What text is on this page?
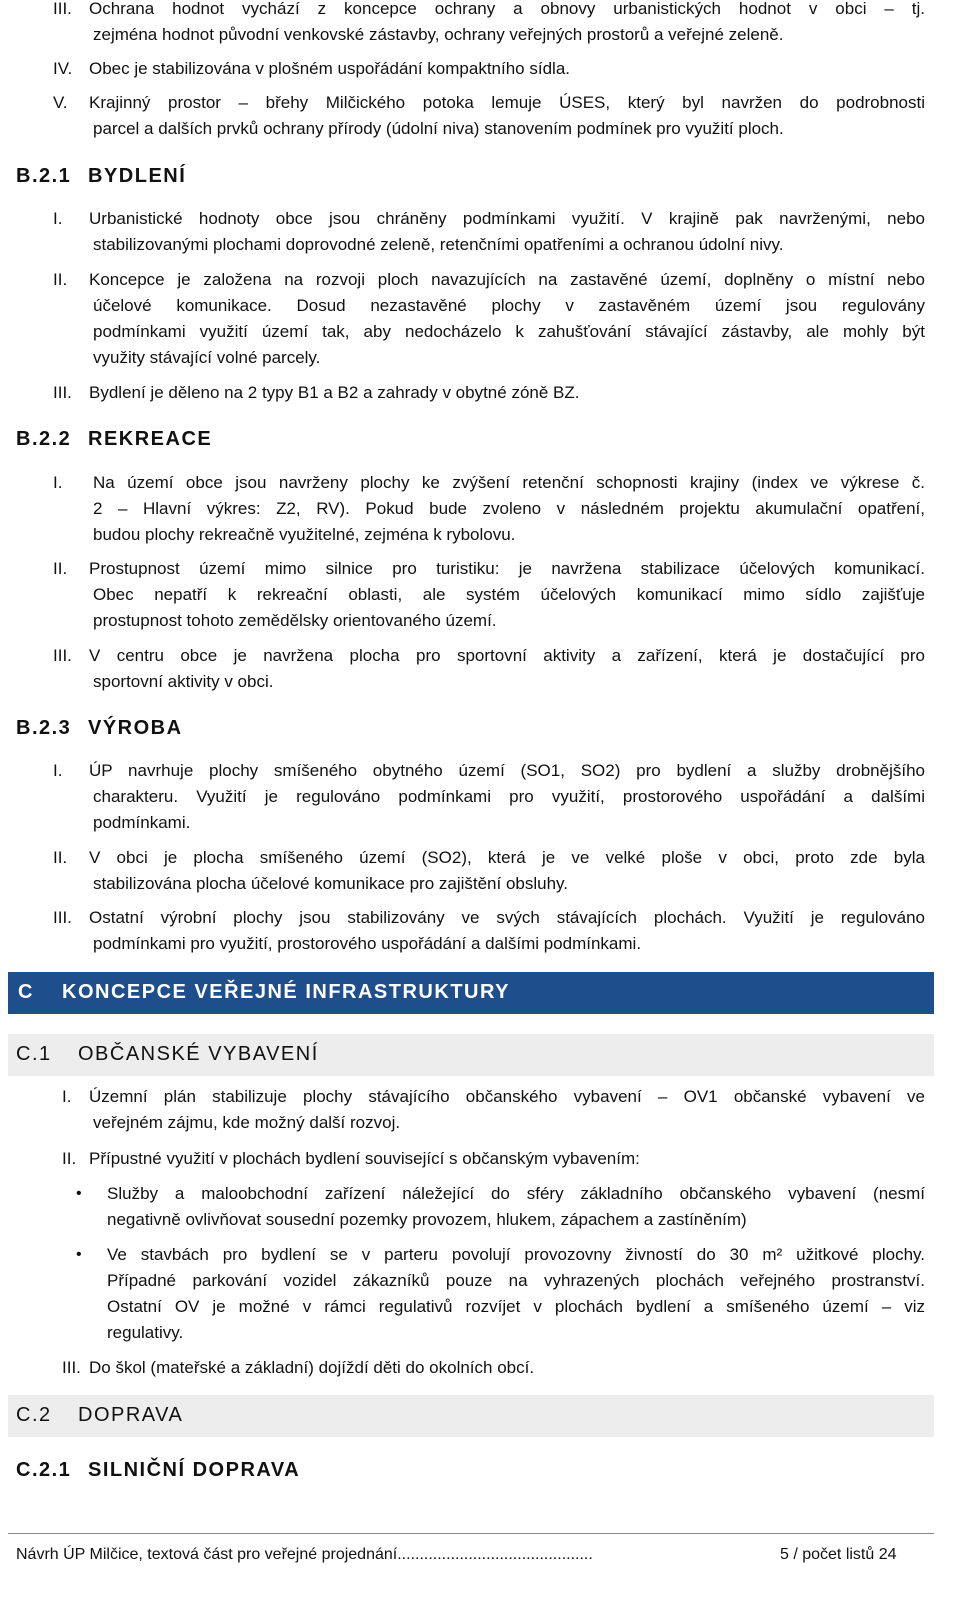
III. Ochrana hodnot vychází z koncepce ochrany a obnovy urbanistických hodnot v obci – tj.
zejména hodnot původní venkovské zástavby, ochrany veřejných prostorů a veřejné zeleně.
IV. Obec je stabilizována v plošném uspořádání kompaktního sídla.
V. Krajinný prostor – břehy Milčického potoka lemuje ÚSES, který byl navržen do podrobnosti
parcel a dalších prvků ochrany přírody (údolní niva) stanovením podmínek pro využití ploch.
B.2.1 BYDLENÍ
I. Urbanistické hodnoty obce jsou chráněny podmínkami využití. V krajině pak navrženými, nebo
stabilizovanými plochami doprovodné zeleně, retenčními opatřeními a ochranou údolní nivy.
II. Koncepce je založena na rozvoji ploch navazujících na zastavěné území, doplněny o místní nebo
účelové komunikace. Dosud nezastavěné plochy v zastavěném území jsou regulovány
podmínkami využití území tak, aby nedocházelo k zahušťování stávající zástavby, ale mohly být
využity stávající volné parcely.
III. Bydlení je děleno na 2 typy B1 a B2 a zahrady v obytné zóně BZ.
B.2.2 REKREACE
I. Na území obce jsou navrženy plochy ke zvýšení retenční schopnosti krajiny (index ve výkrese č.
2 – Hlavní výkres: Z2, RV). Pokud bude zvoleno v následném projektu akumulační opatření,
budou plochy rekreačně využitelné, zejména k rybolovu.
II. Prostupnost území mimo silnice pro turistiku: je navržena stabilizace účelových komunikací.
Obec nepatří k rekreační oblasti, ale systém účelových komunikací mimo sídlo zajišťuje
prostupnost tohoto zemědělsky orientovaného území.
III. V centru obce je navržena plocha pro sportovní aktivity a zařízení, která je dostačující pro
sportovní aktivity v obci.
B.2.3 VÝROBA
I. ÚP navrhuje plochy smíšeného obytného území (SO1, SO2) pro bydlení a služby drobnějšího
charakteru. Využití je regulováno podmínkami pro využití, prostorového uspořádání a dalšími
podmínkami.
II. V obci je plocha smíšeného území (SO2), která je ve velké ploše v obci, proto zde byla
stabilizována plocha účelové komunikace pro zajištění obsluhy.
III. Ostatní výrobní plochy jsou stabilizovány ve svých stávajících plochách. Využití je regulováno
podmínkami pro využití, prostorového uspořádání a dalšími podmínkami.
C KONCEPCE VEŘEJNÉ INFRASTRUKTURY
C.1 OBČANSKÉ VYBAVENÍ
I. Územní plán stabilizuje plochy stávajícího občanského vybavení – OV1 občanské vybavení ve
veřejném zájmu, kde možný další rozvoj.
II. Přípustné využití v plochách bydlení související s občanským vybavením:
• Služby a maloobchodní zařízení náležející do sféry základního občanského vybavení (nesmí
negativně ovlivňovat sousední pozemky provozem, hlukem, zápachem a zastíněním)
• Ve stavbách pro bydlení se v parteru povolují provozovny živností do 30 m² užitkové plochy.
Případné parkování vozidel zákazníků pouze na vyhrazených plochách veřejného prostranství.
Ostatní OV je možné v rámci regulativů rozvíjet v plochách bydlení a smíšeného území – viz
regulativy.
III. Do škol (mateřské a základní) dojíždí děti do okolních obcí.
C.2 DOPRAVA
C.2.1 SILNIČNÍ DOPRAVA
Návrh ÚP Milčice, textová část pro veřejné projednání............................................	5 / počet listů 24
